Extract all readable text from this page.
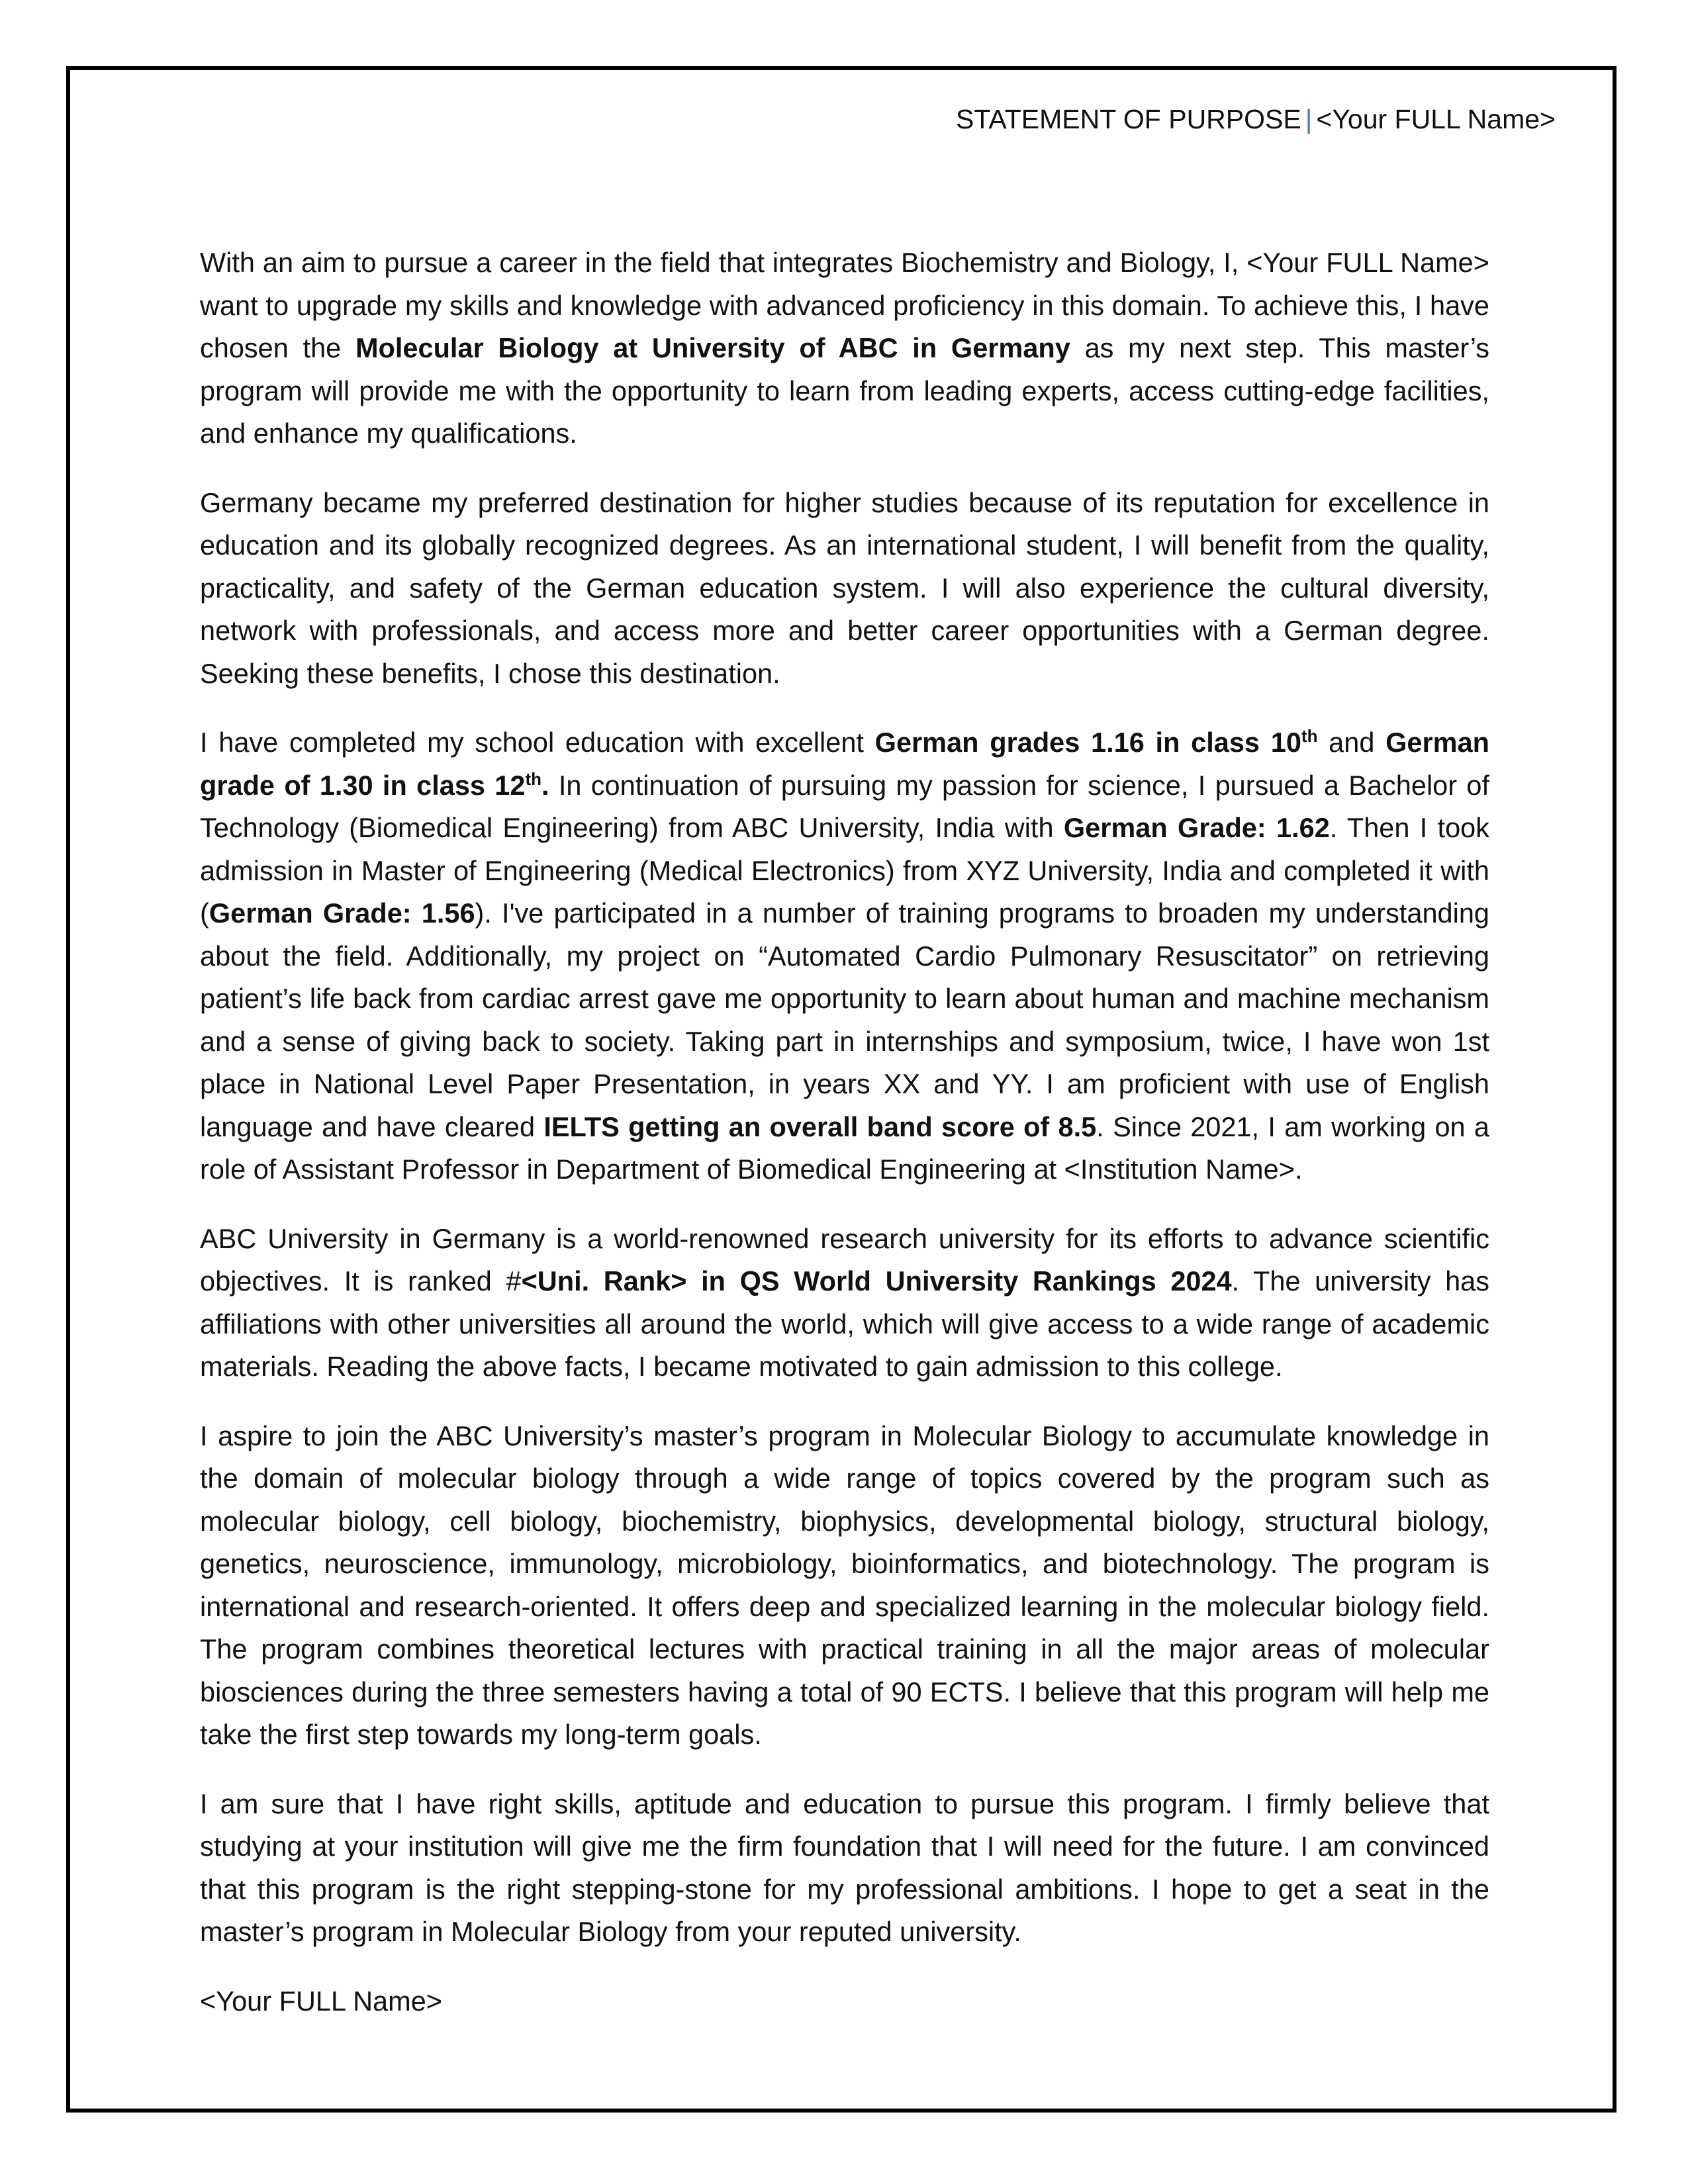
STATEMENT OF PURPOSE | <Your FULL Name>

With an aim to pursue a career in the field that integrates Biochemistry and Biology, I, <Your FULL Name> want to upgrade my skills and knowledge with advanced proficiency in this domain. To achieve this, I have chosen the Molecular Biology at University of ABC in Germany as my next step. This master’s program will provide me with the opportunity to learn from leading experts, access cutting-edge facilities, and enhance my qualifications.

Germany became my preferred destination for higher studies because of its reputation for excellence in education and its globally recognized degrees. As an international student, I will benefit from the quality, practicality, and safety of the German education system. I will also experience the cultural diversity, network with professionals, and access more and better career opportunities with a German degree. Seeking these benefits, I chose this destination.

I have completed my school education with excellent German grades 1.16 in class 10th and German grade of 1.30 in class 12th. In continuation of pursuing my passion for science, I pursued a Bachelor of Technology (Biomedical Engineering) from ABC University, India with German Grade: 1.62. Then I took admission in Master of Engineering (Medical Electronics) from XYZ University, India and completed it with (German Grade: 1.56). I've participated in a number of training programs to broaden my understanding about the field. Additionally, my project on “Automated Cardio Pulmonary Resuscitator” on retrieving patient’s life back from cardiac arrest gave me opportunity to learn about human and machine mechanism and a sense of giving back to society. Taking part in internships and symposium, twice, I have won 1st place in National Level Paper Presentation, in years XX and YY. I am proficient with use of English language and have cleared IELTS getting an overall band score of 8.5. Since 2021, I am working on a role of Assistant Professor in Department of Biomedical Engineering at <Institution Name>.

ABC University in Germany is a world-renowned research university for its efforts to advance scientific objectives. It is ranked #<Uni. Rank> in QS World University Rankings 2024. The university has affiliations with other universities all around the world, which will give access to a wide range of academic materials. Reading the above facts, I became motivated to gain admission to this college.

I aspire to join the ABC University’s master’s program in Molecular Biology to accumulate knowledge in the domain of molecular biology through a wide range of topics covered by the program such as molecular biology, cell biology, biochemistry, biophysics, developmental biology, structural biology, genetics, neuroscience, immunology, microbiology, bioinformatics, and biotechnology. The program is international and research-oriented. It offers deep and specialized learning in the molecular biology field. The program combines theoretical lectures with practical training in all the major areas of molecular biosciences during the three semesters having a total of 90 ECTS. I believe that this program will help me take the first step towards my long-term goals.

I am sure that I have right skills, aptitude and education to pursue this program. I firmly believe that studying at your institution will give me the firm foundation that I will need for the future. I am convinced that this program is the right stepping-stone for my professional ambitions. I hope to get a seat in the master’s program in Molecular Biology from your reputed university.

<Your FULL Name>
